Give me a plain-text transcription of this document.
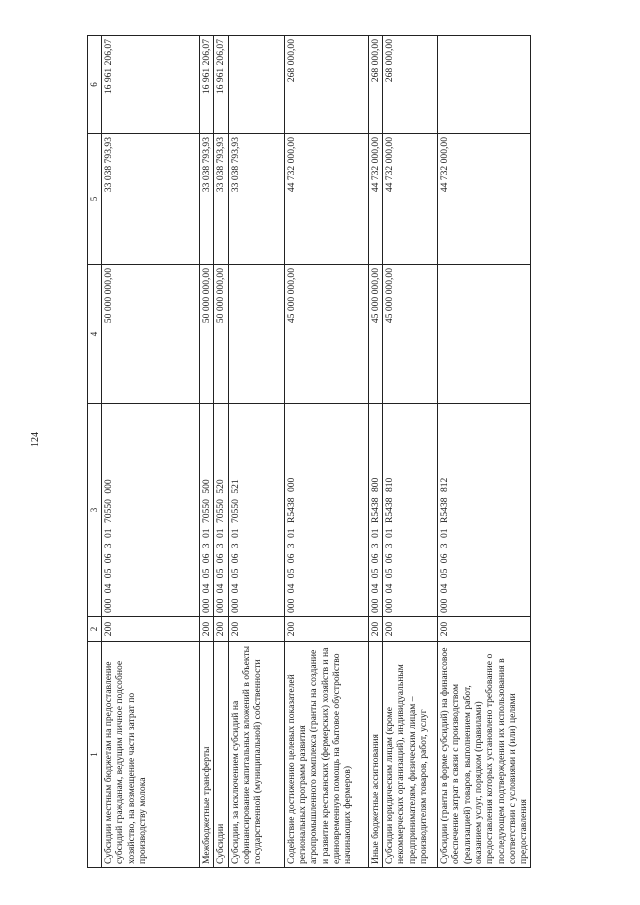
124
1	2	3	4	5	6
Субсидии местным бюджетам на предоставление субсидий гражданам, ведущим личное подсобное хозяйство, на возмещение части затрат по производству молока	200	000 04 05 06 3 01 70550 000	50 000 000,00	33 038 793,93	16 961 206,07
Межбюджетные трансферты	200	000 04 05 06 3 01 70550 500	50 000 000,00	33 038 793,93	16 961 206,07
Субсидии	200	000 04 05 06 3 01 70550 520	50 000 000,00	33 038 793,93	16 961 206,07
Субсидии, за исключением субсидий на софинансирование капитальных вложений в объекты государственной (муниципальной) собственности	200	000 04 05 06 3 01 70550 521		33 038 793,93	
Содействие достижению целевых показателей региональных программ развития агропромышленного комплекса (гранты на создание и развитие крестьянских (фермерских) хозяйств и на единовременную помощь на бытовое обустройство начинающих фермеров)	200	000 04 05 06 3 01 R5438 000	45 000 000,00	44 732 000,00	268 000,00
Иные бюджетные ассигнования	200	000 04 05 06 3 01 R5438 800	45 000 000,00	44 732 000,00	268 000,00
Субсидии юридическим лицам (кроме некоммерческих организаций), индивидуальным предпринимателям, физическим лицам – производителям товаров, работ, услуг	200	000 04 05 06 3 01 R5438 810	45 000 000,00	44 732 000,00	268 000,00
Субсидии (гранты в форме субсидий) на финансовое обеспечение затрат в связи с производством (реализацией) товаров, выполнением работ, оказанием услуг, порядком (правилами) предоставления которых установлено требование о последующем подтверждении их использования в соответствии с условиями и (или) целями предоставления	200	000 04 05 06 3 01 R5438 812		44 732 000,00	
